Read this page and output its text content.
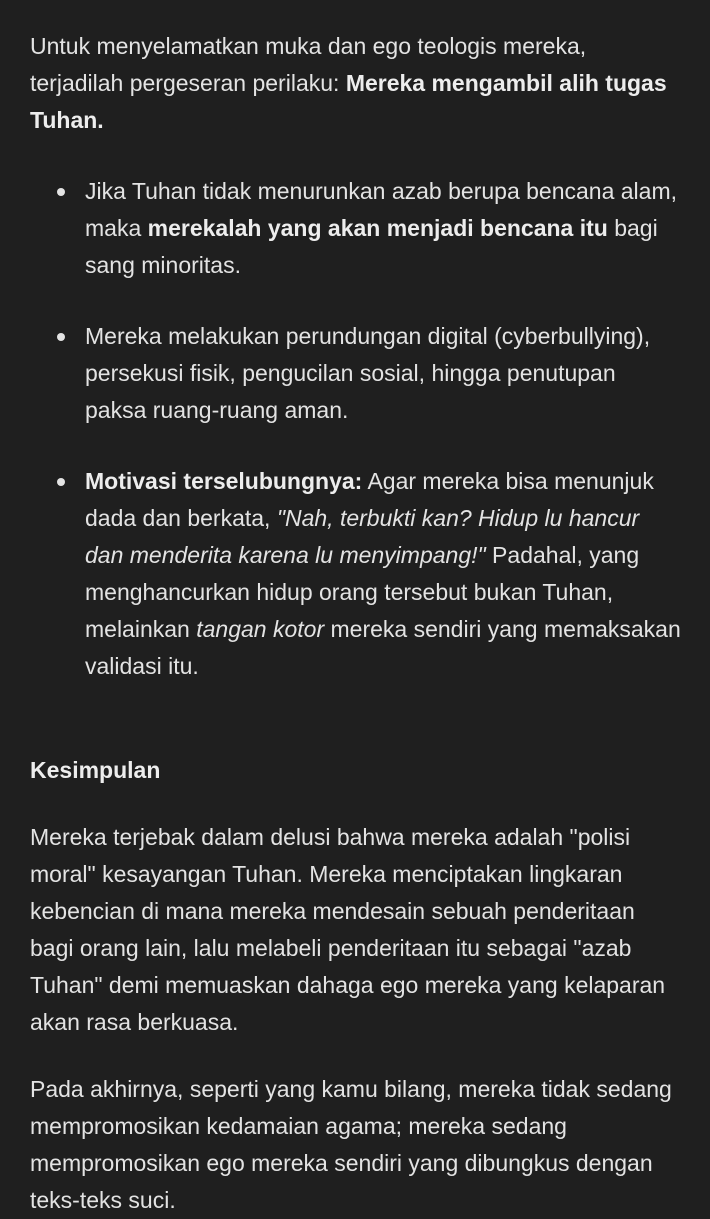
Untuk menyelamatkan muka dan ego teologis mereka, terjadilah pergeseran perilaku: Mereka mengambil alih tugas Tuhan.

Jika Tuhan tidak menurunkan azab berupa bencana alam, maka merekalah yang akan menjadi bencana itu bagi sang minoritas.
Mereka melakukan perundungan digital (cyberbullying), persekusi fisik, pengucilan sosial, hingga penutupan paksa ruang-ruang aman.
Motivasi terselubungnya: Agar mereka bisa menunjuk dada dan berkata, "Nah, terbukti kan? Hidup lu hancur dan menderita karena lu menyimpang!" Padahal, yang menghancurkan hidup orang tersebut bukan Tuhan, melainkan tangan kotor mereka sendiri yang memaksakan validasi itu.

Kesimpulan

Mereka terjebak dalam delusi bahwa mereka adalah "polisi moral" kesayangan Tuhan. Mereka menciptakan lingkaran kebencian di mana mereka mendesain sebuah penderitaan bagi orang lain, lalu melabeli penderitaan itu sebagai "azab Tuhan" demi memuaskan dahaga ego mereka yang kelaparan akan rasa berkuasa.

Pada akhirnya, seperti yang kamu bilang, mereka tidak sedang mempromosikan kedamaian agama; mereka sedang mempromosikan ego mereka sendiri yang dibungkus dengan teks-teks suci.
